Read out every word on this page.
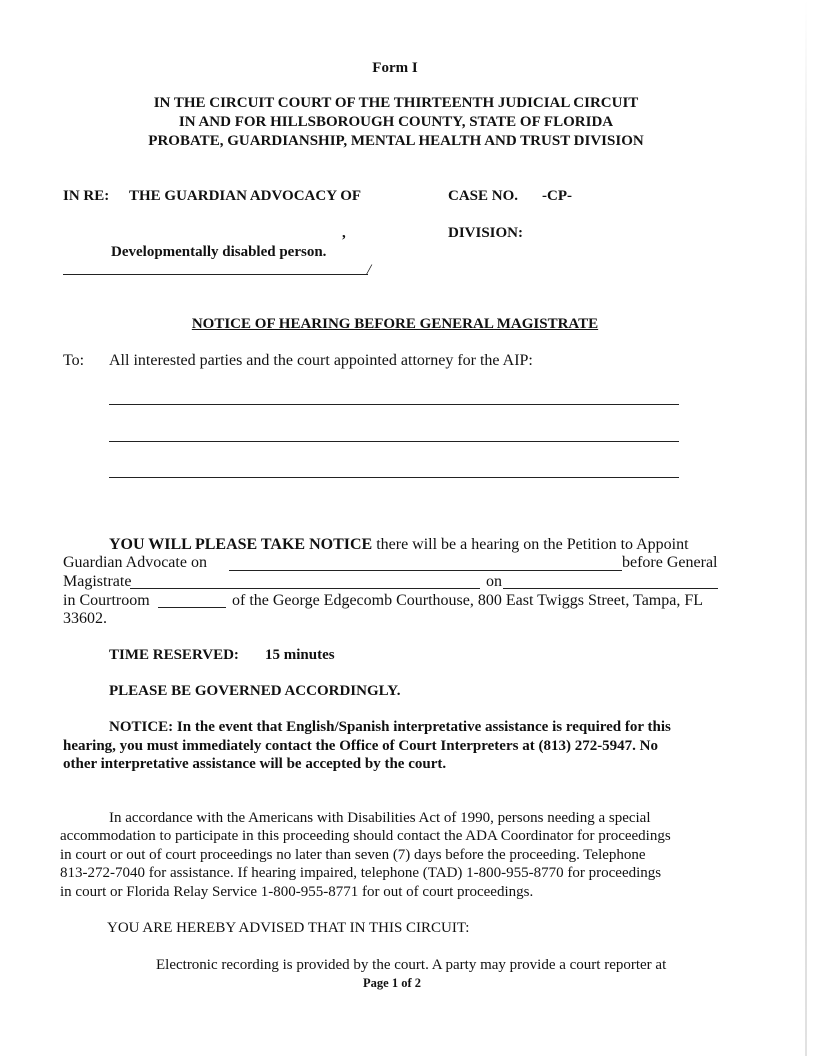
Form I
IN THE CIRCUIT COURT OF THE THIRTEENTH JUDICIAL CIRCUIT
IN AND FOR HILLSBOROUGH COUNTY, STATE OF FLORIDA
PROBATE, GUARDIANSHIP, MENTAL HEALTH AND TRUST DIVISION
IN RE: THE GUARDIAN ADVOCACY OF
,
Developmentally disabled person.
/
CASE NO. -CP-
DIVISION:
NOTICE OF HEARING BEFORE GENERAL MAGISTRATE
To: All interested parties and the court appointed attorney for the AIP:
YOU WILL PLEASE TAKE NOTICE there will be a hearing on the Petition to Appoint
Guardian Advocate on	before General
Magistrate	on
in Courtroom	of the George Edgecomb Courthouse, 800 East Twiggs Street, Tampa, FL
33602.
TIME RESERVED: 15 minutes
PLEASE BE GOVERNED ACCORDINGLY.
NOTICE: In the event that English/Spanish interpretative assistance is required for this
hearing, you must immediately contact the Office of Court Interpreters at (813) 272-5947. No
other interpretative assistance will be accepted by the court.
In accordance with the Americans with Disabilities Act of 1990, persons needing a special
accommodation to participate in this proceeding should contact the ADA Coordinator for proceedings
in court or out of court proceedings no later than seven (7) days before the proceeding. Telephone
813-272-7040 for assistance. If hearing impaired, telephone (TAD) 1-800-955-8770 for proceedings
in court or Florida Relay Service 1-800-955-8771 for out of court proceedings.
YOU ARE HEREBY ADVISED THAT IN THIS CIRCUIT:
Electronic recording is provided by the court. A party may provide a court reporter at
Page 1 of 2
